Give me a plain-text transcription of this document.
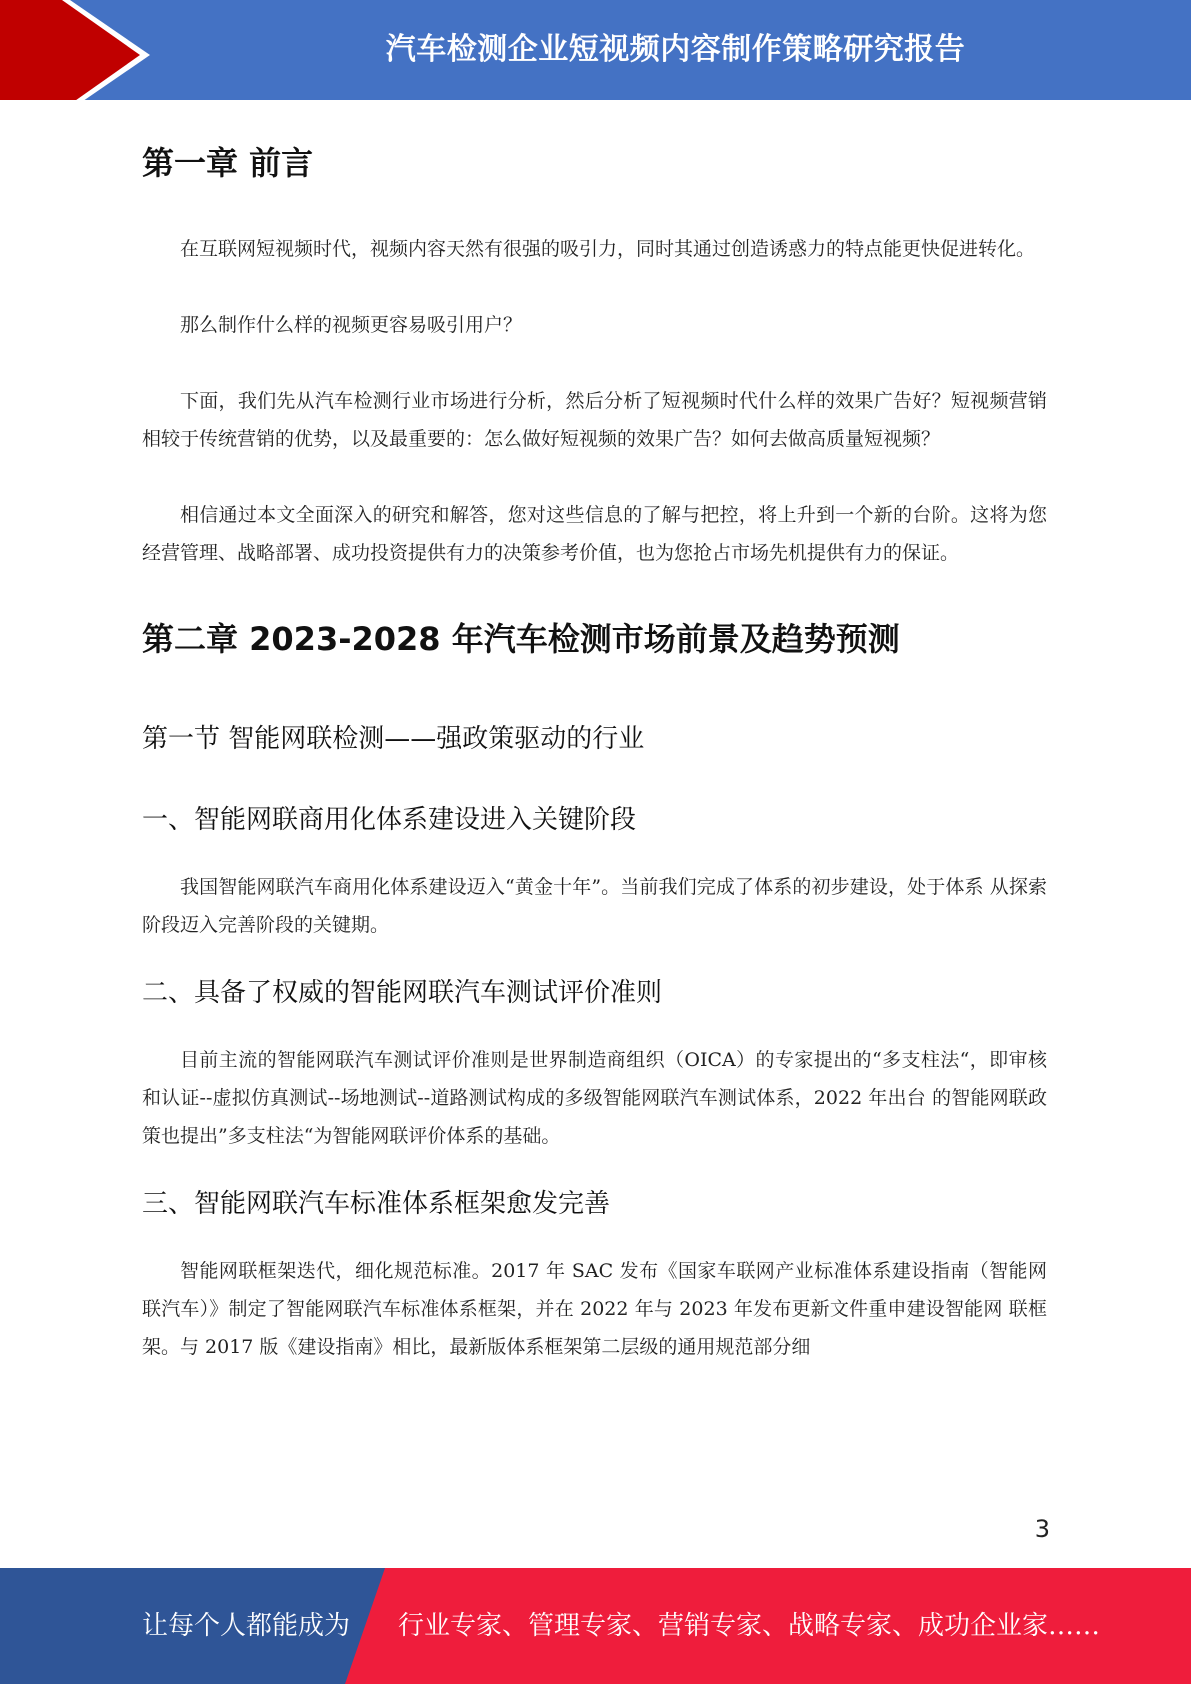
汽车检测企业短视频内容制作策略研究报告
第一章 前言

在互联网短视频时代，视频内容天然有很强的吸引力，同时其通过创造诱惑力的特点能更快促进转化。

那么制作什么样的视频更容易吸引用户？

下面，我们先从汽车检测行业市场进行分析，然后分析了短视频时代什么样的效果广告好？短视频营销相较于传统营销的优势，以及最重要的：怎么做好短视频的效果广告？如何去做高质量短视频？

相信通过本文全面深入的研究和解答，您对这些信息的了解与把控，将上升到一个新的台阶。这将为您经营管理、战略部署、成功投资提供有力的决策参考价值，也为您抢占市场先机提供有力的保证。

第二章 2023-2028 年汽车检测市场前景及趋势预测
第一节 智能网联检测——强政策驱动的行业
一、智能网联商用化体系建设进入关键阶段

我国智能网联汽车商用化体系建设迈入“黄金十年”。当前我们完成了体系的初步建设，处于体系 从探索阶段迈入完善阶段的关键期。

二、具备了权威的智能网联汽车测试评价准则

目前主流的智能网联汽车测试评价准则是世界制造商组织（OICA）的专家提出的“多支柱法“，即审核和认证--虚拟仿真测试--场地测试--道路测试构成的多级智能网联汽车测试体系，2022 年出台 的智能网联政策也提出”多支柱法“为智能网联评价体系的基础。

三、智能网联汽车标准体系框架愈发完善

智能网联框架迭代，细化规范标准。2017 年 SAC 发布《国家车联网产业标准体系建设指南（智能网 联汽车）》制定了智能网联汽车标准体系框架，并在 2022 年与 2023 年发布更新文件重申建设智能网 联框架。与 2017 版《建设指南》相比，最新版体系框架第二层级的通用规范部分细

3
让每个人都能成为 行业专家、管理专家、营销专家、战略专家、成功企业家……
